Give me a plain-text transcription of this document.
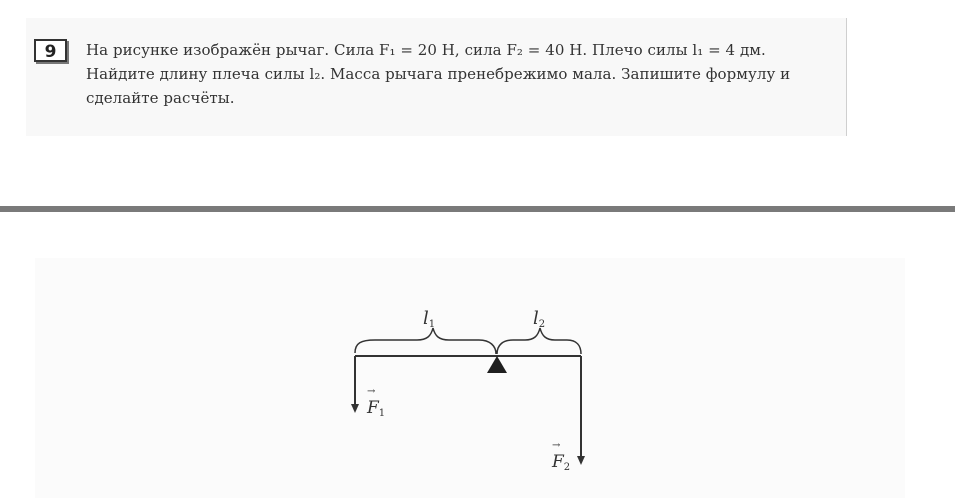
9	На рисунке изображён рычаг. Сила F₁ = 20 Н, сила F₂ = 40 Н. Плечо силы l₁ = 4 дм. Найдите длину плеча силы l₂. Масса рычага пренебрежимо мала. Запишите формулу и сделайте расчёты.
$l_1$	$l_2$
→ $F_1$
→ $F_2$
